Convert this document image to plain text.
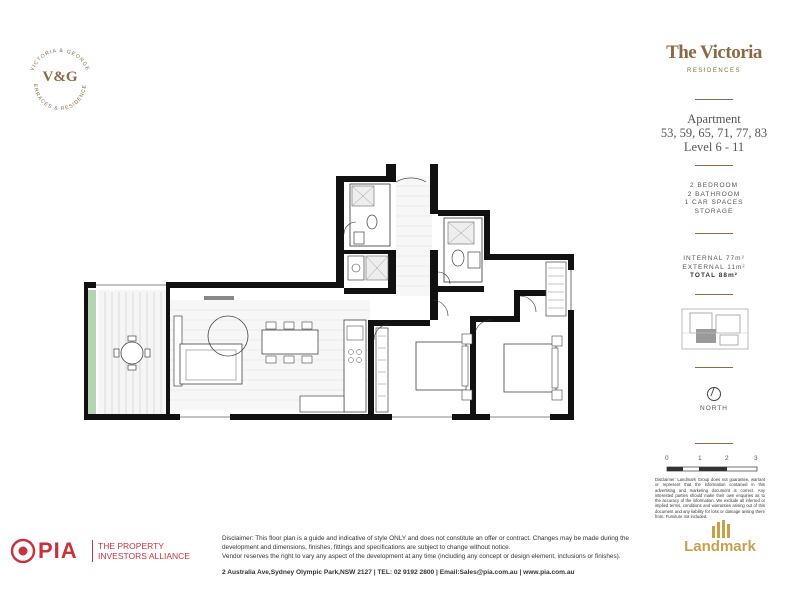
VICTORIA & GEORGE
ERRACES & RESIDENCE
V&G
The Victoria
RESIDENCES
Apartment
53, 59, 65, 71, 77, 83
Level 6 - 11
2 BEDROOM
2 BATHROOM
1 CAR SPACES
STORAGE
INTERNAL 77m²
EXTERNAL 11m²
TOTAL 88m²
NORTH
0	1	2	3
Disclaimer: Landmark Group does not guarantee, warrant or represent that the information contained in this advertising and marketing document is correct. Any interested parties should make their own enquiries as to the accuracy of the information. We exclude all inferred or implied terms, conditions and warranties arising out of this document and any liability for loss or damage arising there from. Furniture not included.
PIA THE PROPERTY
INVESTORS ALLIANCE
Disclaimer: This floor plan is a guide and indicative of style ONLY and does not constitute an offer or contract. Changes may be made during the
development and dimensions, finishes, fittings and specifications are subject to change without notice.
Vendor reserves the right to vary any aspect of the development at any time (including any concept or design element, inclusions or finishes).
2 Australia Ave,Sydney Olympic Park,NSW 2127 | TEL: 02 9192 2800 | Email:Sales@pia.com.au | www.pia.com.au
Landmark
